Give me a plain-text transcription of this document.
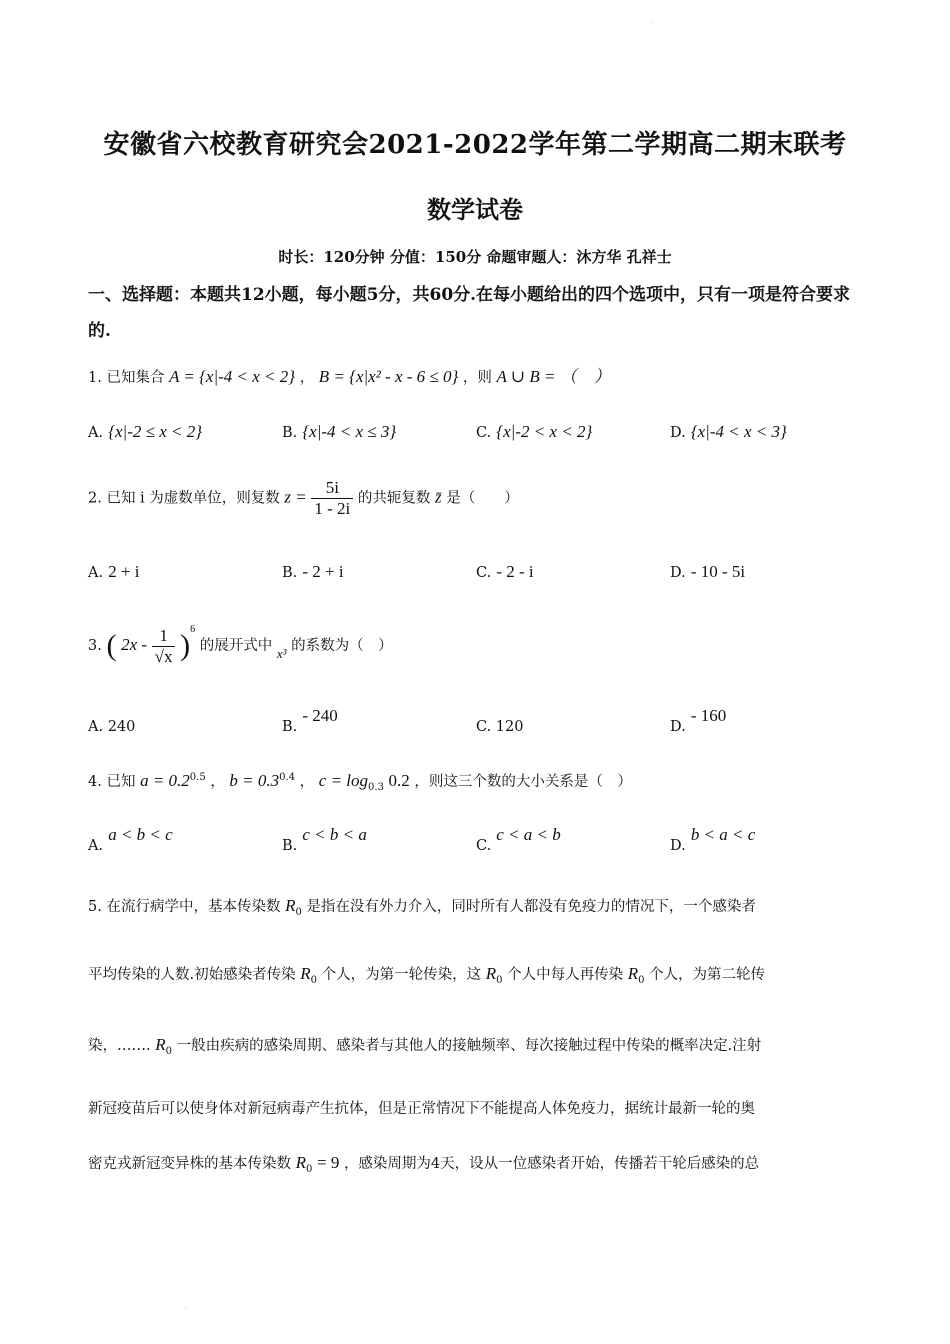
·
安徽省六校教育研究会2021-2022学年第二学期高二期末联考
数学试卷
时长：120分钟 分值：150分 命题审题人：沐方华 孔祥士
一、选择题：本题共12小题，每小题5分，共60分.在每小题给出的四个选项中，只有一项是符合要求的.
1. 已知集合 A = {x|-4 < x < 2} ， B = {x|x² - x - 6 ≤ 0} ，则 A ∪ B = （　）
A. {x|-2 ≤ x < 2}	B. {x|-4 < x ≤ 3}	C. {x|-2 < x < 2}	D. {x|-4 < x < 3}
2. 已知 i 为虚数单位，则复数 $z = \frac{5i}{1 - 2i}$ 的共轭复数 z̄ 是（　　）
A. 2 + i	B. - 2 + i	C. - 2 - i	D. - 10 - 5i
3. ( $2x - \frac{1}{√x} )^6$ 的展开式中 x³ 的系数为（　）
A. 240	B. - 240
C. 120	D. - 160
4. 已知 $a = 0.2^{0.5}$ ， $b = 0.3^{0.4}$ ， $c = \log_{0.3} 0.2$ ，则这三个数的大小关系是（　）
A. a < b < c
B. c < b < a
C. c < a < b
D. b < a < c
5. 在流行病学中，基本传染数 $R_0$ 是指在没有外力介入，同时所有人都没有免疫力的情况下，一个感染者
平均传染的人数.初始感染者传染 $R_0$ 个人，为第一轮传染，这 $R_0$ 个人中每人再传染 $R_0$ 个人，为第二轮传
染，……. $R_0$ 一般由疾病的感染周期、感染者与其他人的接触频率、每次接触过程中传染的概率决定.注射
新冠疫苗后可以使身体对新冠病毒产生抗体，但是正常情况下不能提高人体免疫力，据统计最新一轮的奥
密克戎新冠变异株的基本传染数 $R_0 = 9$ ，感染周期为4天，设从一位感染者开始，传播若干轮后感染的总
·
